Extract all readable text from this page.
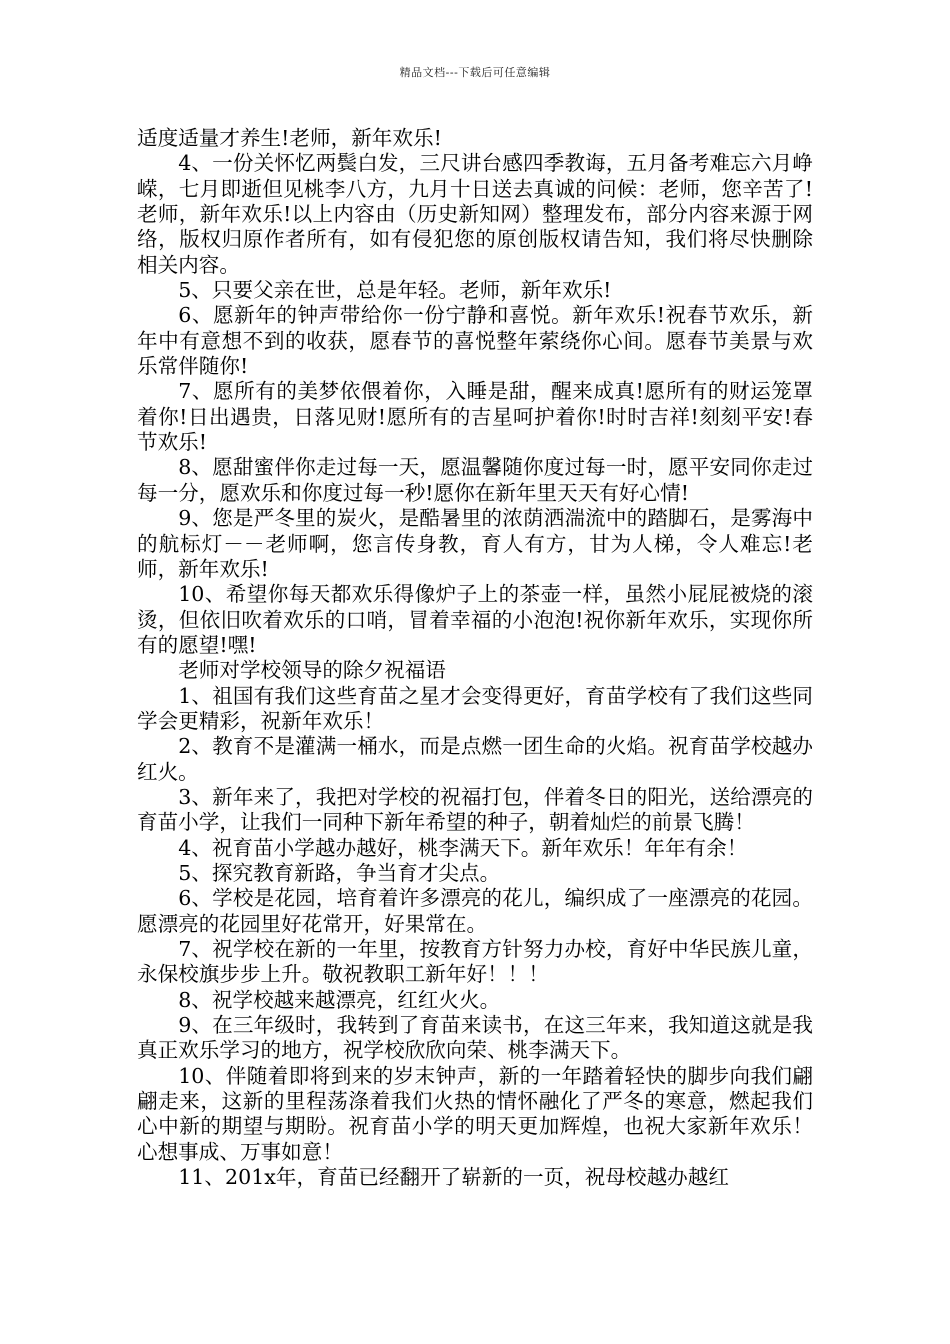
精品文档---下载后可任意编辑

适度适量才养生!老师，新年欢乐!

4、一份关怀忆两鬓白发，三尺讲台感四季教诲，五月备考难忘六月峥嵘，七月即逝但见桃李八方，九月十日送去真诚的问候：老师，您辛苦了!老师，新年欢乐!以上内容由（历史新知网）整理发布，部分内容来源于网络，版权归原作者所有，如有侵犯您的原创版权请告知，我们将尽快删除相关内容。

5、只要父亲在世，总是年轻。老师，新年欢乐!

6、愿新年的钟声带给你一份宁静和喜悦。新年欢乐!祝春节欢乐，新年中有意想不到的收获，愿春节的喜悦整年萦绕你心间。愿春节美景与欢乐常伴随你!

7、愿所有的美梦依偎着你，入睡是甜，醒来成真!愿所有的财运笼罩着你!日出遇贵，日落见财!愿所有的吉星呵护着你!时时吉祥!刻刻平安!春节欢乐!

8、愿甜蜜伴你走过每一天，愿温馨随你度过每一时，愿平安同你走过每一分，愿欢乐和你度过每一秒!愿你在新年里天天有好心情!

9、您是严冬里的炭火，是酷暑里的浓荫洒湍流中的踏脚石，是雾海中的航标灯－－老师啊，您言传身教，育人有方，甘为人梯，令人难忘!老师，新年欢乐!

10、希望你每天都欢乐得像炉子上的茶壶一样，虽然小屁屁被烧的滚烫，但依旧吹着欢乐的口哨，冒着幸福的小泡泡!祝你新年欢乐，实现你所有的愿望!嘿!

老师对学校领导的除夕祝福语

1、祖国有我们这些育苗之星才会变得更好，育苗学校有了我们这些同学会更精彩，祝新年欢乐！

2、教育不是灌满一桶水，而是点燃一团生命的火焰。祝育苗学校越办红火。

3、新年来了，我把对学校的祝福打包，伴着冬日的阳光，送给漂亮的育苗小学，让我们一同种下新年希望的种子，朝着灿烂的前景飞腾！

4、祝育苗小学越办越好，桃李满天下。新年欢乐！年年有余！

5、探究教育新路，争当育才尖点。

6、学校是花园，培育着许多漂亮的花儿，编织成了一座漂亮的花园。愿漂亮的花园里好花常开，好果常在。

7、祝学校在新的一年里，按教育方针努力办校，育好中华民族儿童，永保校旗步步上升。敬祝教职工新年好！！！

8、祝学校越来越漂亮，红红火火。

9、在三年级时，我转到了育苗来读书，在这三年来，我知道这就是我真正欢乐学习的地方，祝学校欣欣向荣、桃李满天下。

10、伴随着即将到来的岁末钟声，新的一年踏着轻快的脚步向我们翩翩走来，这新的里程荡涤着我们火热的情怀融化了严冬的寒意，燃起我们心中新的期望与期盼。祝育苗小学的明天更加辉煌，也祝大家新年欢乐！心想事成、万事如意！

11、201x年，育苗已经翻开了崭新的一页，祝母校越办越红
